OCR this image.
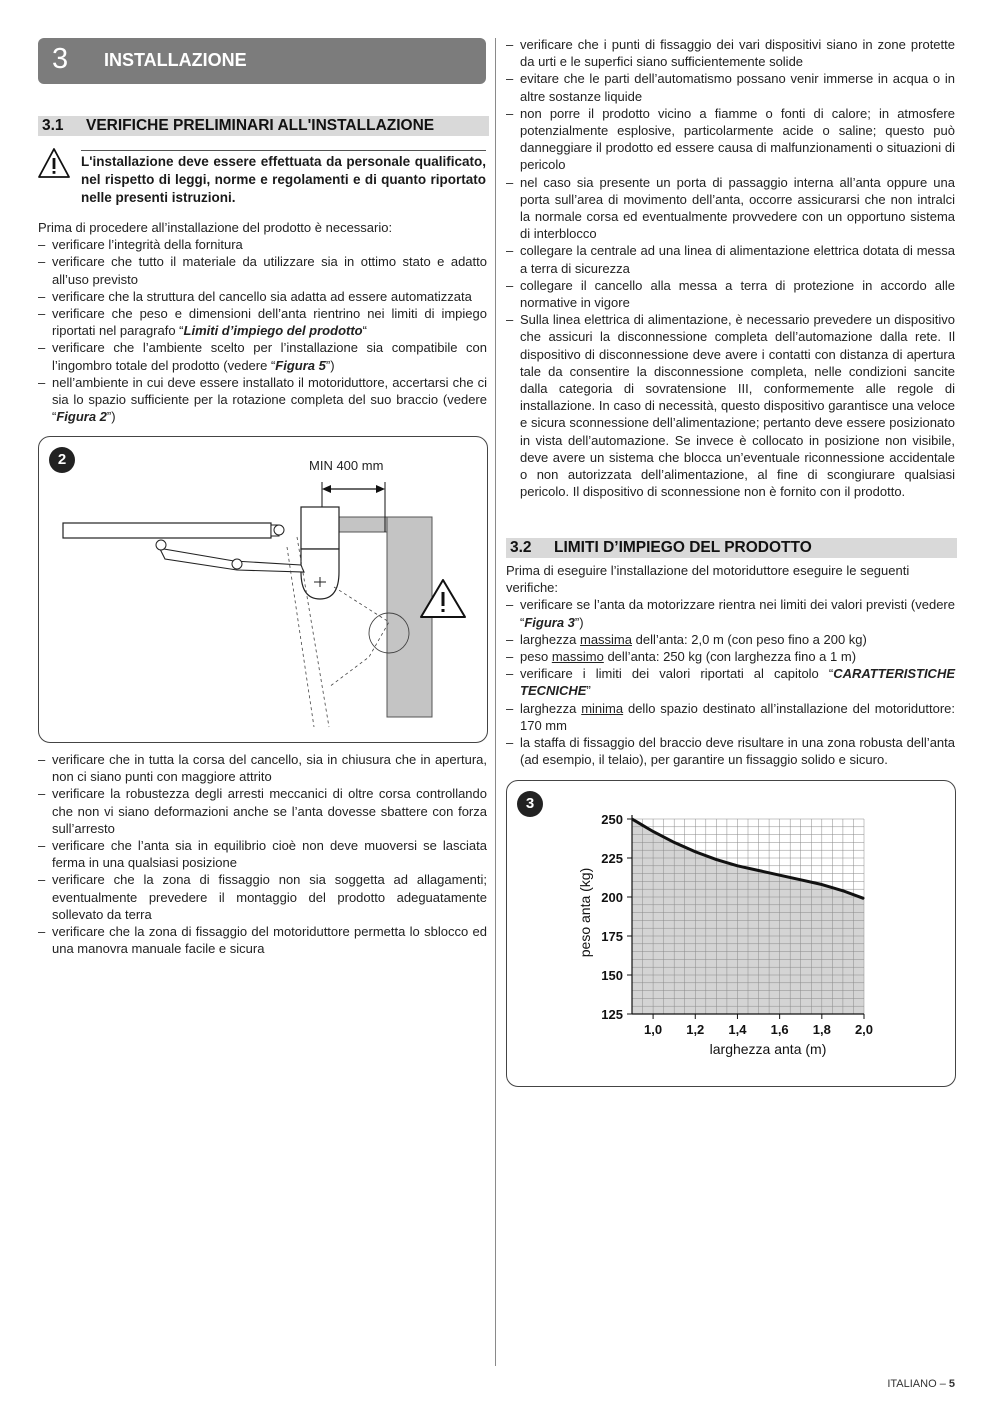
3 INSTALLAZIONE
3.1 VERIFICHE PRELIMINARI ALL'INSTALLAZIONE
L'installazione deve essere effettuata da personale qualificato, nel rispetto di leggi, norme e regolamenti e di quanto riportato nelle presenti istruzioni.

Prima di procedere all’installazione del prodotto è necessario:

– verificare l’integrità della fornitura
– verificare che tutto il materiale da utilizzare sia in ottimo stato e adatto all’uso previsto
– verificare che la struttura del cancello sia adatta ad essere automatizzata
– verificare che peso e dimensioni dell’anta rientrino nei limiti di impiego riportati nel paragrafo “Limiti d’impiego del prodotto“
– verificare che l’ambiente scelto per l’installazione sia compatibile con l’ingombro totale del prodotto (vedere “Figura 5”)
– nell’ambiente in cui deve essere installato il motoriduttore, accertarsi che ci sia lo spazio sufficiente per la rotazione completa del suo braccio (vedere “Figura 2”)
2	MIN 400 mm
– verificare che in tutta la corsa del cancello, sia in chiusura che in apertura, non ci siano punti con maggiore attrito
– verificare la robustezza degli arresti meccanici di oltre corsa controllando che non vi siano deformazioni anche se l’anta dovesse sbattere con forza sull’arresto
– verificare che l’anta sia in equilibrio cioè non deve muoversi se lasciata ferma in una qualsiasi posizione
– verificare che la zona di fissaggio non sia soggetta ad allagamenti; eventualmente prevedere il montaggio del prodotto adeguatamente sollevato da terra
– verificare che la zona di fissaggio del motoriduttore permetta lo sblocco ed una manovra manuale facile e sicura
– verificare che i punti di fissaggio dei vari dispositivi siano in zone protette da urti e le superfici siano sufficientemente solide
– evitare che le parti dell’automatismo possano venir immerse in acqua o in altre sostanze liquide
– non porre il prodotto vicino a fiamme o fonti di calore; in atmosfere potenzialmente esplosive, particolarmente acide o saline; questo può danneggiare il prodotto ed essere causa di malfunzionamenti o situazioni di pericolo
– nel caso sia presente un porta di passaggio interna all’anta oppure una porta sull’area di movimento dell’anta, occorre assicurarsi che non intralci la normale corsa ed eventualmente provvedere con un opportuno sistema di interblocco
– collegare la centrale ad una linea di alimentazione elettrica dotata di messa a terra di sicurezza
– collegare il cancello alla messa a terra di protezione in accordo alle normative in vigore
– Sulla linea elettrica di alimentazione, è necessario prevedere un dispositivo che assicuri la disconnessione completa dell’automazione dalla rete. Il dispositivo di disconnessione deve avere i contatti con distanza di apertura tale da consentire la disconnessione completa, nelle condizioni sancite dalla categoria di sovratensione III, conformemente alle regole di installazione. In caso di necessità, questo dispositivo garantisce una veloce e sicura sconnessione dell’alimentazione; pertanto deve essere posizionato in vista dell’automazione. Se invece è collocato in posizione non visibile, deve avere un sistema che blocca un’eventuale riconnessione accidentale o non autorizzata dell’alimentazione, al fine di scongiurare qualsiasi pericolo. Il dispositivo di sconnessione non è fornito con il prodotto.
3.2 LIMITI D’IMPIEGO DEL PRODOTTO

Prima di eseguire l’installazione del motoriduttore eseguire le seguenti verifiche:

– verificare se l’anta da motorizzare rientra nei limiti dei valori previsti (vedere “Figura 3”)
– larghezza massima dell’anta: 2,0 m (con peso fino a 200 kg)
– peso massimo dell’anta: 250 kg (con larghezza fino a 1 m)
– verificare i limiti dei valori riportati al capitolo “CARATTERISTICHE TECNICHE”
– larghezza minima dello spazio destinato all’installazione del motoriduttore: 170 mm
– la staffa di fissaggio del braccio deve risultare in una zona robusta dell’anta (ad esempio, il telaio), per garantire un fissaggio solido e sicuro.
3
250
225
200
175
150
125
1,0 1,2 1,4 1,6 1,8 2,0
larghezza anta (m)
peso anta (kg)
ITALIANO – 5
